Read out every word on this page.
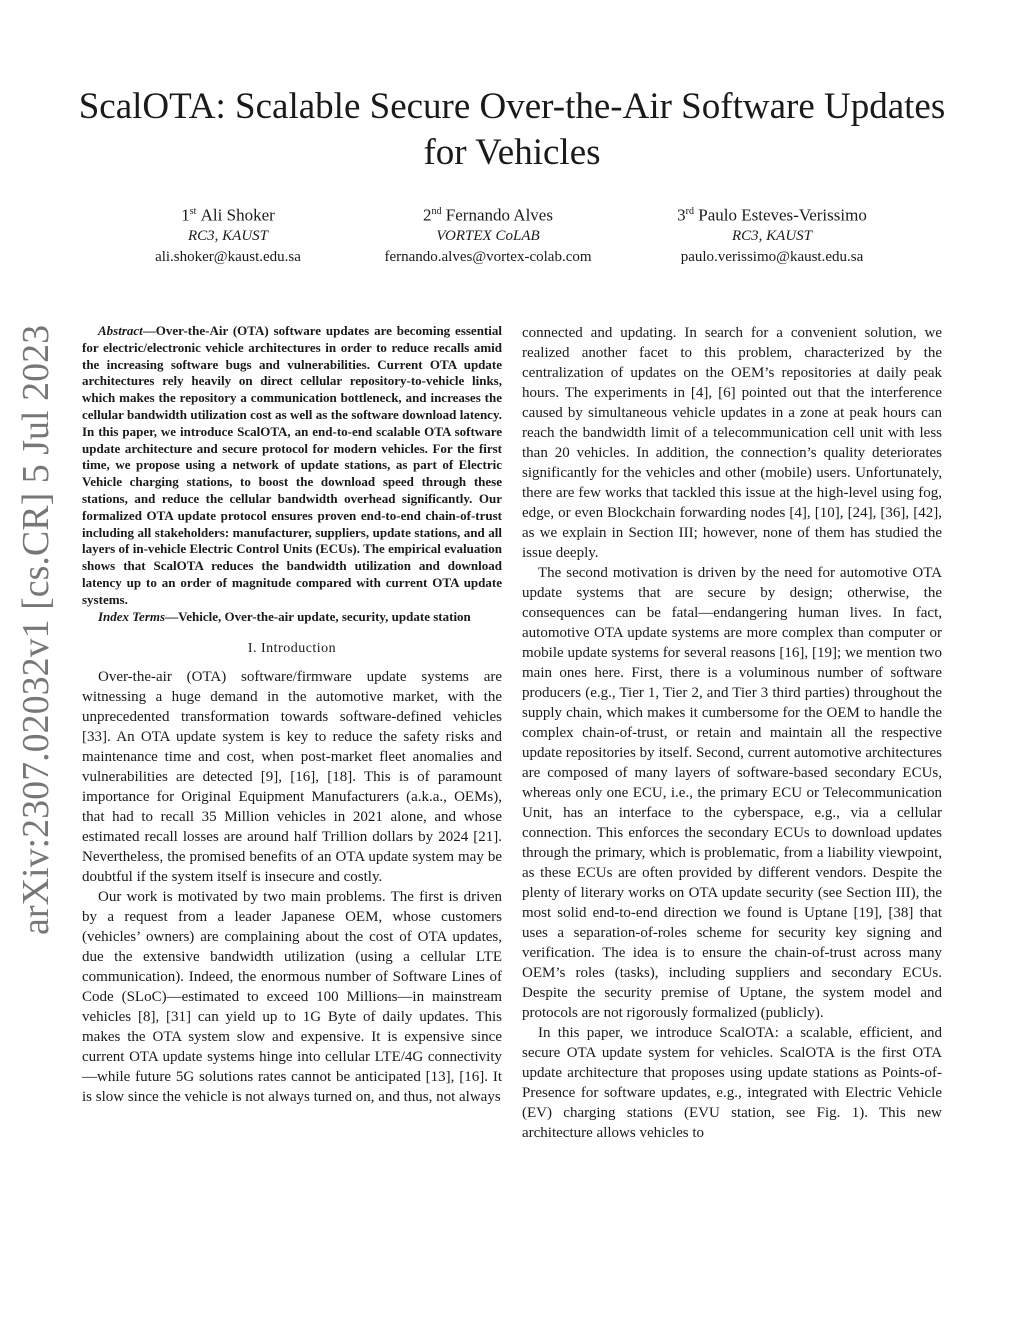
arXiv:2307.02032v1 [cs.CR] 5 Jul 2023
ScalOTA: Scalable Secure Over-the-Air Software Updates for Vehicles
1st Ali Shoker
RC3, KAUST
ali.shoker@kaust.edu.sa
2nd Fernando Alves
VORTEX CoLAB
fernando.alves@vortex-colab.com
3rd Paulo Esteves-Verissimo
RC3, KAUST
paulo.verissimo@kaust.edu.sa

Abstract—Over-the-Air (OTA) software updates are becoming essential for electric/electronic vehicle architectures in order to reduce recalls amid the increasing software bugs and vulnerabilities. Current OTA update architectures rely heavily on direct cellular repository-to-vehicle links, which makes the repository a communication bottleneck, and increases the cellular bandwidth utilization cost as well as the software download latency. In this paper, we introduce ScalOTA, an end-to-end scalable OTA software update architecture and secure protocol for modern vehicles. For the first time, we propose using a network of update stations, as part of Electric Vehicle charging stations, to boost the download speed through these stations, and reduce the cellular bandwidth overhead significantly. Our formalized OTA update protocol ensures proven end-to-end chain-of-trust including all stakeholders: manufacturer, suppliers, update stations, and all layers of in-vehicle Electric Control Units (ECUs). The empirical evaluation shows that ScalOTA reduces the bandwidth utilization and download latency up to an order of magnitude compared with current OTA update systems.

Index Terms—Vehicle, Over-the-air update, security, update station

I. Introduction

Over-the-air (OTA) software/firmware update systems are witnessing a huge demand in the automotive market, with the unprecedented transformation towards software-defined vehicles [33]. An OTA update system is key to reduce the safety risks and maintenance time and cost, when post-market fleet anomalies and vulnerabilities are detected [9], [16], [18]. This is of paramount importance for Original Equipment Manufacturers (a.k.a., OEMs), that had to recall 35 Million vehicles in 2021 alone, and whose estimated recall losses are around half Trillion dollars by 2024 [21]. Nevertheless, the promised benefits of an OTA update system may be doubtful if the system itself is insecure and costly.

Our work is motivated by two main problems. The first is driven by a request from a leader Japanese OEM, whose customers (vehicles’ owners) are complaining about the cost of OTA updates, due the extensive bandwidth utilization (using a cellular LTE communication). Indeed, the enormous number of Software Lines of Code (SLoC)—estimated to exceed 100 Millions—in mainstream vehicles [8], [31] can yield up to 1G Byte of daily updates. This makes the OTA system slow and expensive. It is expensive since current OTA update systems hinge into cellular LTE/4G connectivity—while future 5G solutions rates cannot be anticipated [13], [16]. It is slow since the vehicle is not always turned on, and thus, not always

connected and updating. In search for a convenient solution, we realized another facet to this problem, characterized by the centralization of updates on the OEM’s repositories at daily peak hours. The experiments in [4], [6] pointed out that the interference caused by simultaneous vehicle updates in a zone at peak hours can reach the bandwidth limit of a telecommunication cell unit with less than 20 vehicles. In addition, the connection’s quality deteriorates significantly for the vehicles and other (mobile) users. Unfortunately, there are few works that tackled this issue at the high-level using fog, edge, or even Blockchain forwarding nodes [4], [10], [24], [36], [42], as we explain in Section III; however, none of them has studied the issue deeply.

The second motivation is driven by the need for automotive OTA update systems that are secure by design; otherwise, the consequences can be fatal—endangering human lives. In fact, automotive OTA update systems are more complex than computer or mobile update systems for several reasons [16], [19]; we mention two main ones here. First, there is a voluminous number of software producers (e.g., Tier 1, Tier 2, and Tier 3 third parties) throughout the supply chain, which makes it cumbersome for the OEM to handle the complex chain-of-trust, or retain and maintain all the respective update repositories by itself. Second, current automotive architectures are composed of many layers of software-based secondary ECUs, whereas only one ECU, i.e., the primary ECU or Telecommunication Unit, has an interface to the cyberspace, e.g., via a cellular connection. This enforces the secondary ECUs to download updates through the primary, which is problematic, from a liability viewpoint, as these ECUs are often provided by different vendors. Despite the plenty of literary works on OTA update security (see Section III), the most solid end-to-end direction we found is Uptane [19], [38] that uses a separation-of-roles scheme for security key signing and verification. The idea is to ensure the chain-of-trust across many OEM’s roles (tasks), including suppliers and secondary ECUs. Despite the security premise of Uptane, the system model and protocols are not rigorously formalized (publicly).

In this paper, we introduce ScalOTA: a scalable, efficient, and secure OTA update system for vehicles. ScalOTA is the first OTA update architecture that proposes using update stations as Points-of-Presence for software updates, e.g., integrated with Electric Vehicle (EV) charging stations (EVU station, see Fig. 1). This new architecture allows vehicles to
